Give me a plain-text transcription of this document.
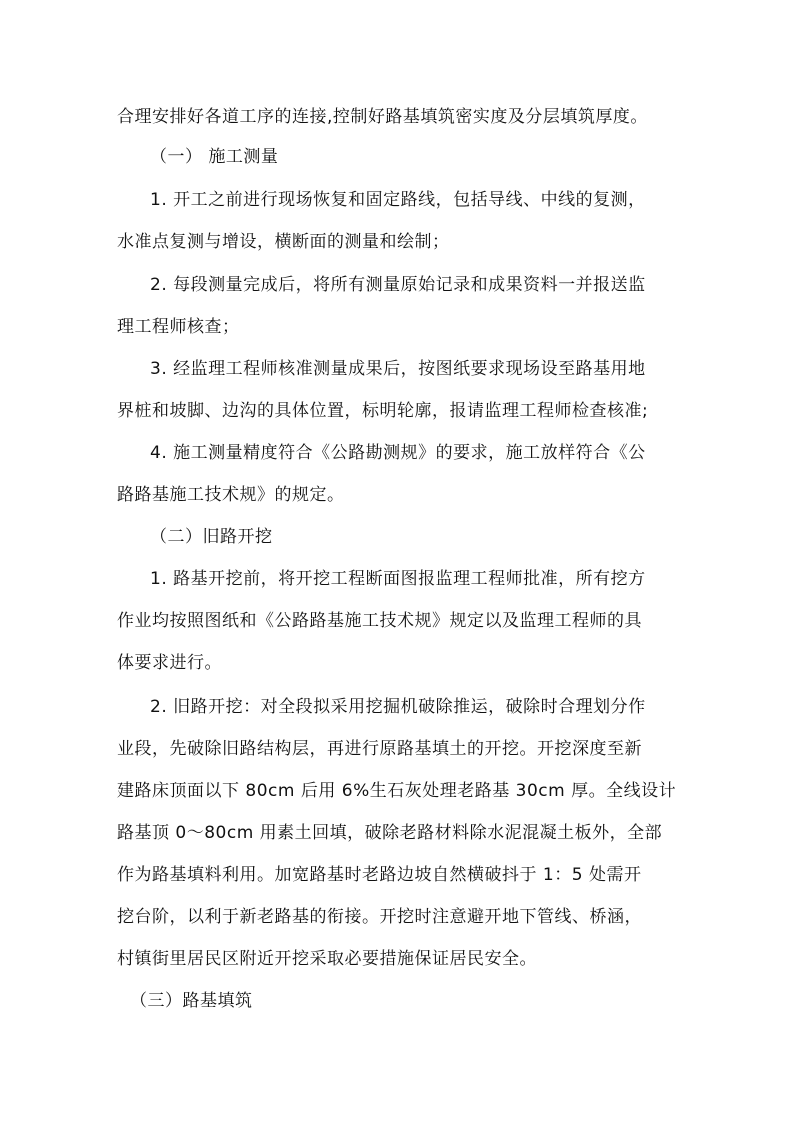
合理安排好各道工序的连接,控制好路基填筑密实度及分层填筑厚度。
（一） 施工测量
1. 开工之前进行现场恢复和固定路线，包括导线、中线的复测，
水准点复测与增设，横断面的测量和绘制；
2. 每段测量完成后，将所有测量原始记录和成果资料一并报送监
理工程师核查；
3. 经监理工程师核准测量成果后，按图纸要求现场设至路基用地
界桩和坡脚、边沟的具体位置，标明轮廓，报请监理工程师检查核准;
4. 施工测量精度符合《公路勘测规》的要求，施工放样符合《公
路路基施工技术规》的规定。
（二）旧路开挖
1. 路基开挖前，将开挖工程断面图报监理工程师批准，所有挖方
作业均按照图纸和《公路路基施工技术规》规定以及监理工程师的具
体要求进行。
2. 旧路开挖：对全段拟采用挖掘机破除推运，破除时合理划分作
业段，先破除旧路结构层，再进行原路基填土的开挖。开挖深度至新
建路床顶面以下 80cm 后用 6%生石灰处理老路基 30cm 厚。全线设计
路基顶 0～80cm 用素土回填，破除老路材料除水泥混凝土板外，全部
作为路基填料利用。加宽路基时老路边坡自然横破抖于 1：5 处需开
挖台阶，以利于新老路基的衔接。开挖时注意避开地下管线、桥涵，
村镇街里居民区附近开挖采取必要措施保证居民安全。
（三）路基填筑
